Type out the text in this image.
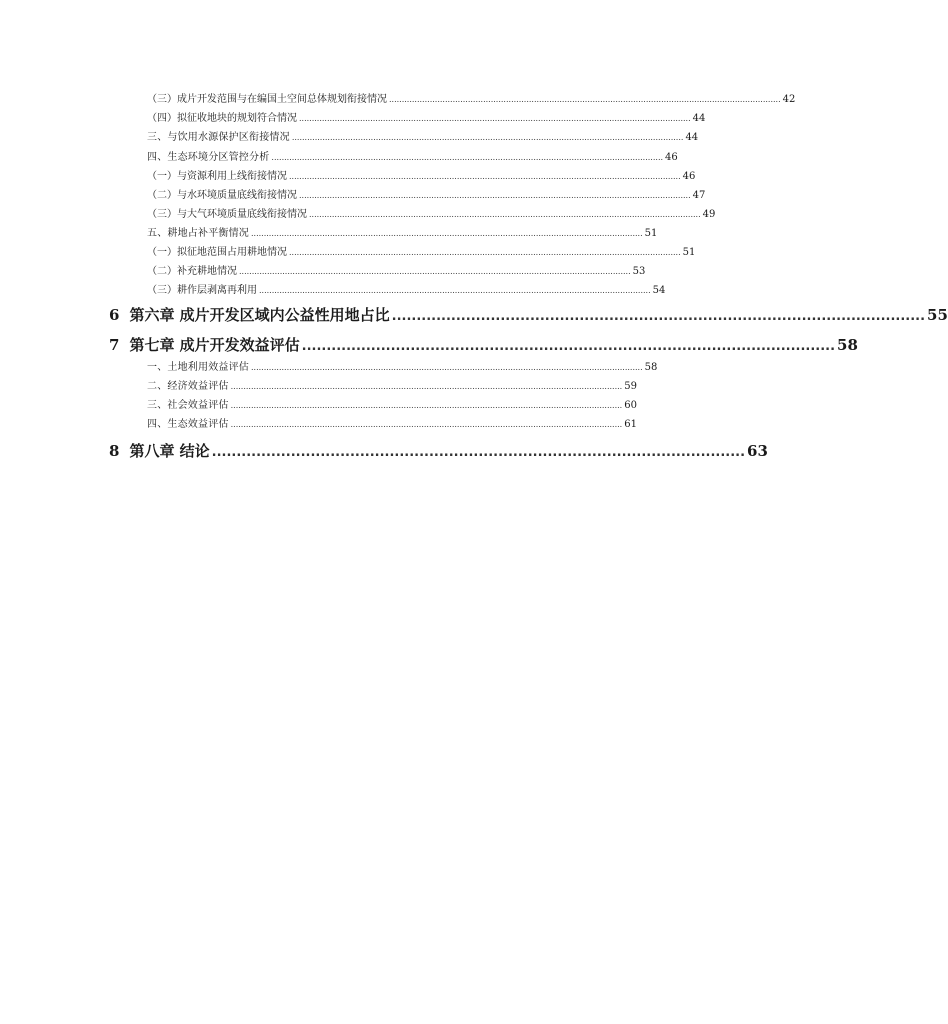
（三）成片开发范围与在编国土空间总体规划衔接情况 .......................................................................................................................................................... 42
（四）拟征收地块的规划符合情况 .......................................................................................................................................................... 44
三、与饮用水源保护区衔接情况 .......................................................................................................................................................... 44
四、生态环境分区管控分析 .......................................................................................................................................................... 46
（一）与资源利用上线衔接情况 .......................................................................................................................................................... 46
（二）与水环境质量底线衔接情况 .......................................................................................................................................................... 47
（三）与大气环境质量底线衔接情况 .......................................................................................................................................................... 49
五、耕地占补平衡情况 .......................................................................................................................................................... 51
（一）拟征地范围占用耕地情况 .......................................................................................................................................................... 51
（二）补充耕地情况 .......................................................................................................................................................... 53
（三）耕作层剥离再利用 .......................................................................................................................................................... 54
6 第六章 成片开发区域内公益性用地占比 ............................................................................................................ 55
7 第七章 成片开发效益评估 ............................................................................................................ 58
一、土地利用效益评估 .......................................................................................................................................................... 58
二、经济效益评估 .......................................................................................................................................................... 59
三、社会效益评估 .......................................................................................................................................................... 60
四、生态效益评估 .......................................................................................................................................................... 61
8 第八章 结论 ............................................................................................................ 63
